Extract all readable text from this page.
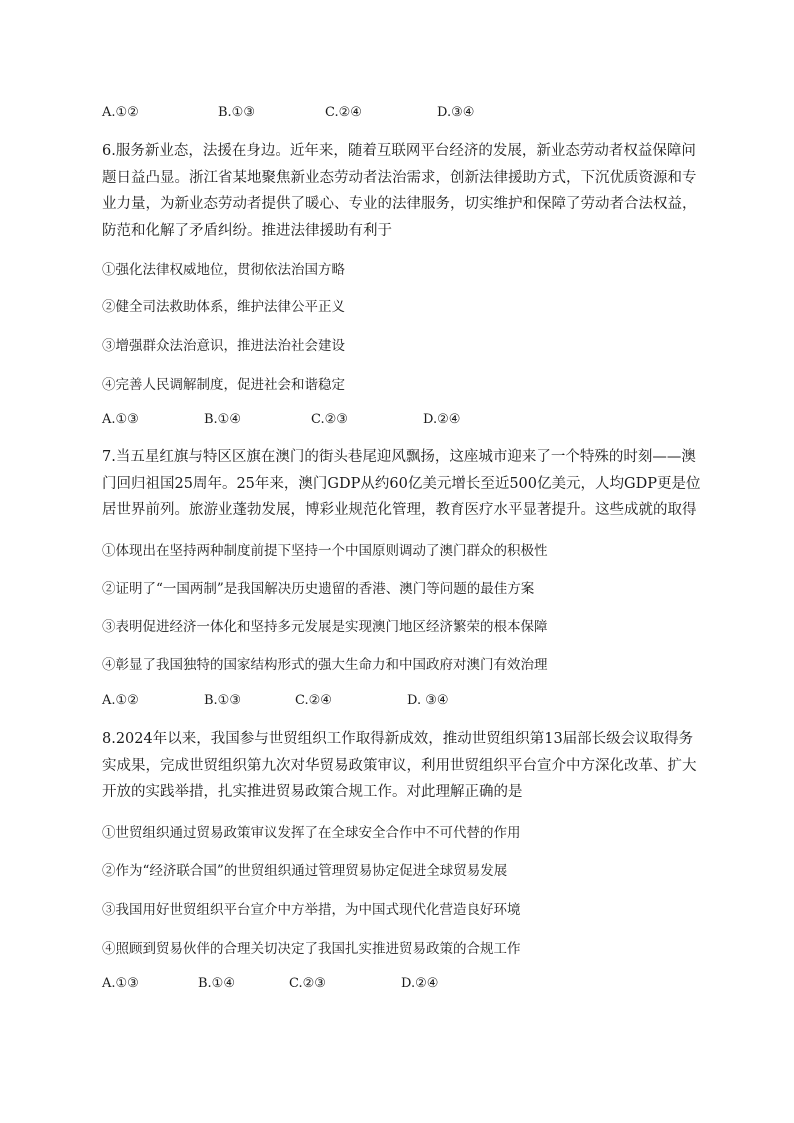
A.①②	B.①③	C.②④	D.③④
6.服务新业态，法援在身边。近年来，随着互联网平台经济的发展，新业态劳动者权益保障问题日益凸显。浙江省某地聚焦新业态劳动者法治需求，创新法律援助方式，下沉优质资源和专业力量，为新业态劳动者提供了暖心、专业的法律服务，切实维护和保障了劳动者合法权益，防范和化解了矛盾纠纷。推进法律援助有利于
①强化法律权威地位，贯彻依法治国方略
②健全司法救助体系，维护法律公平正义
③增强群众法治意识，推进法治社会建设
④完善人民调解制度，促进社会和谐稳定
A.①③	B.①④	C.②③	D.②④
7.当五星红旗与特区区旗在澳门的街头巷尾迎风飘扬，这座城市迎来了一个特殊的时刻——澳门回归祖国25周年。25年来，澳门GDP从约60亿美元增长至近500亿美元，人均GDP更是位居世界前列。旅游业蓬勃发展，博彩业规范化管理，教育医疗水平显著提升。这些成就的取得
①体现出在坚持两种制度前提下坚持一个中国原则调动了澳门群众的积极性
②证明了“一国两制”是我国解决历史遗留的香港、澳门等问题的最佳方案
③表明促进经济一体化和坚持多元发展是实现澳门地区经济繁荣的根本保障
④彰显了我国独特的国家结构形式的强大生命力和中国政府对澳门有效治理
A.①②	B.①③	C.②④	D. ③④
8.2024年以来，我国参与世贸组织工作取得新成效，推动世贸组织第13届部长级会议取得务实成果，完成世贸组织第九次对华贸易政策审议，利用世贸组织平台宣介中方深化改革、扩大开放的实践举措，扎实推进贸易政策合规工作。对此理解正确的是
①世贸组织通过贸易政策审议发挥了在全球安全合作中不可代替的作用
②作为“经济联合国”的世贸组织通过管理贸易协定促进全球贸易发展
③我国用好世贸组织平台宣介中方举措，为中国式现代化营造良好环境
④照顾到贸易伙伴的合理关切决定了我国扎实推进贸易政策的合规工作
A.①③	B.①④	C.②③	D.②④
